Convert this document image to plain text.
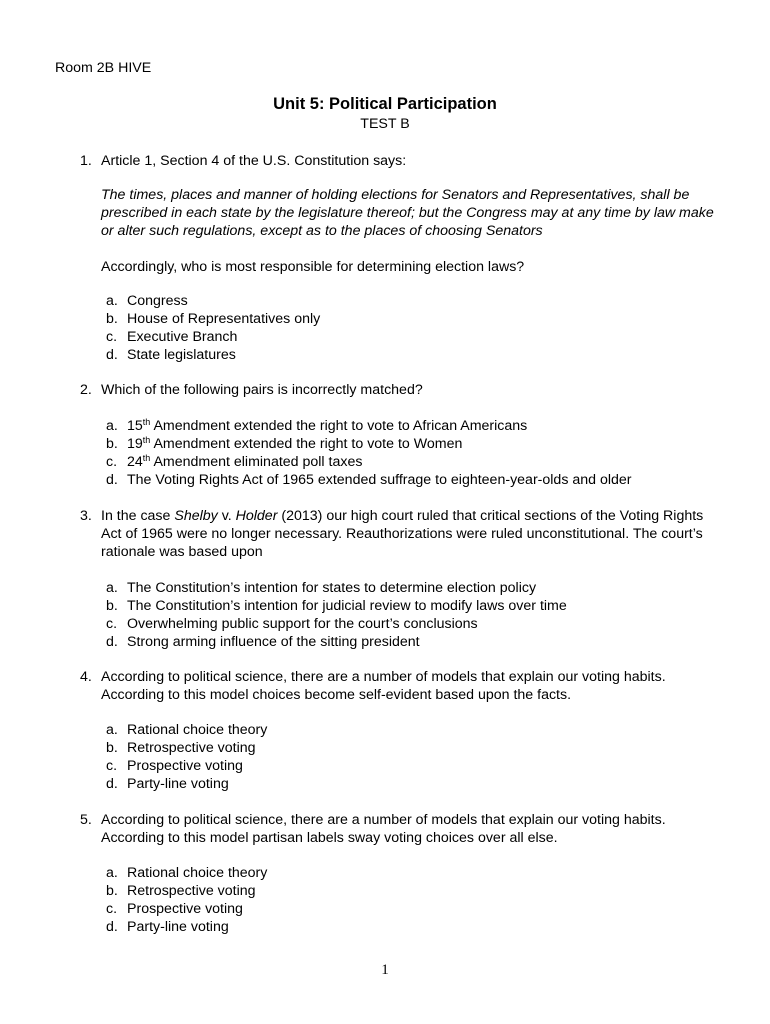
Room 2B HIVE
Unit 5: Political Participation
TEST B
1. Article 1, Section 4 of the U.S. Constitution says:
The times, places and manner of holding elections for Senators and Representatives, shall be prescribed in each state by the legislature thereof; but the Congress may at any time by law make or alter such regulations, except as to the places of choosing Senators
Accordingly, who is most responsible for determining election laws?
a. Congress
b. House of Representatives only
c. Executive Branch
d. State legislatures
2. Which of the following pairs is incorrectly matched?
a. 15th Amendment extended the right to vote to African Americans
b. 19th Amendment extended the right to vote to Women
c. 24th Amendment eliminated poll taxes
d. The Voting Rights Act of 1965 extended suffrage to eighteen-year-olds and older
3. In the case Shelby v. Holder (2013) our high court ruled that critical sections of the Voting Rights Act of 1965 were no longer necessary. Reauthorizations were ruled unconstitutional. The court’s rationale was based upon
a. The Constitution’s intention for states to determine election policy
b. The Constitution’s intention for judicial review to modify laws over time
c. Overwhelming public support for the court’s conclusions
d. Strong arming influence of the sitting president
4. According to political science, there are a number of models that explain our voting habits. According to this model choices become self-evident based upon the facts.
a. Rational choice theory
b. Retrospective voting
c. Prospective voting
d. Party-line voting
5. According to political science, there are a number of models that explain our voting habits. According to this model partisan labels sway voting choices over all else.
a. Rational choice theory
b. Retrospective voting
c. Prospective voting
d. Party-line voting
1
